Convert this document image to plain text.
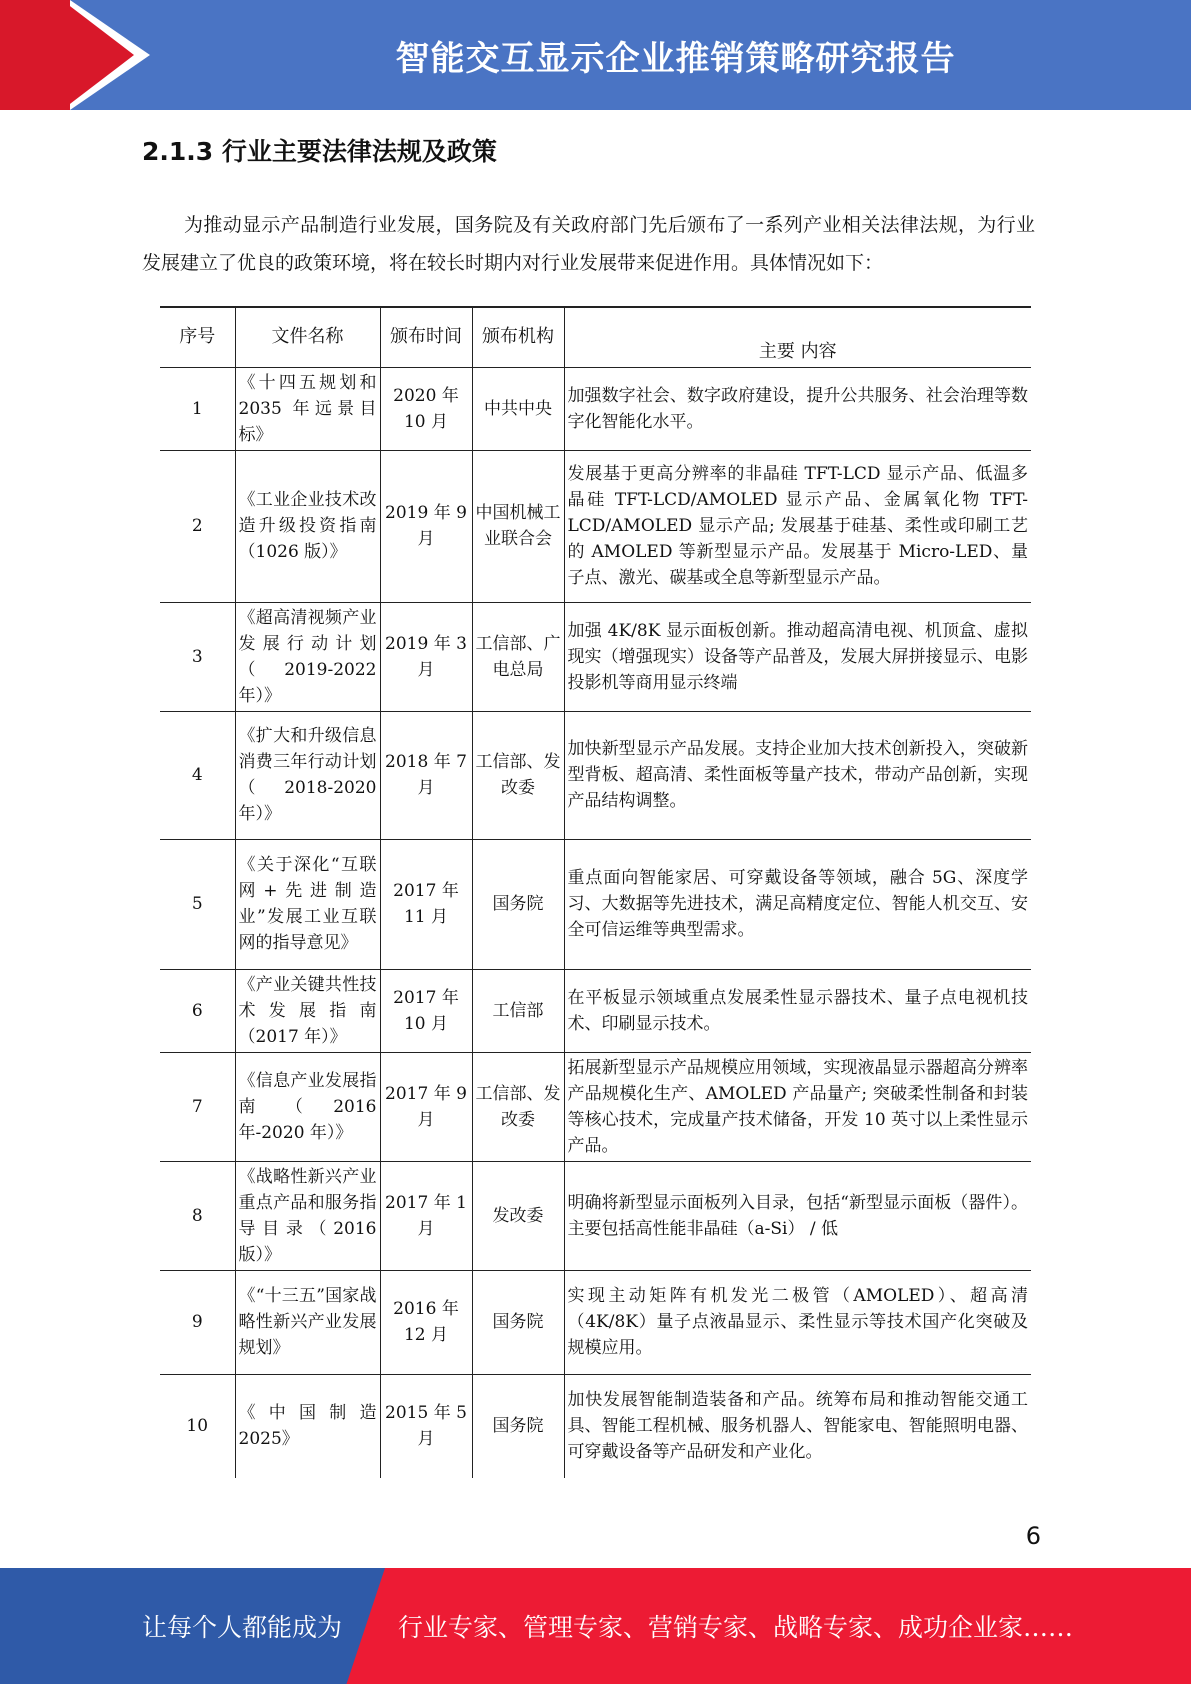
智能交互显示企业推销策略研究报告
2.1.3 行业主要法律法规及政策
为推动显示产品制造行业发展，国务院及有关政府部门先后颁布了一系列产业相关法律法规，为行业发展建立了优良的政策环境，将在较长时期内对行业发展带来促进作用。具体情况如下：
序号	文件名称	颁布时间	颁布机构	主要 内容
1	《十四五规划和 2035 年远景目标》	2020 年 10 月	中共中央	加强数字社会、数字政府建设，提升公共服务、社会治理等数字化智能化水平。
2	《工业企业技术改造升级投资指南（1026 版）》	2019 年 9 月	中国机械工业联合会	发展基于更高分辨率的非晶硅 TFT-LCD 显示产品、低温多晶硅 TFT-LCD/AMOLED 显示产品、金属氧化物 TFT-LCD/AMOLED 显示产品; 发展基于硅基、柔性或印刷工艺的 AMOLED 等新型显示产品。发展基于 Micro-LED、量子点、激光、碳基或全息等新型显示产品。
3	《超高清视频产业发展行动计划（2019-2022 年）》	2019 年 3 月	工信部、广电总局	加强 4K/8K 显示面板创新。推动超高清电视、机顶盒、虚拟现实（增强现实）设备等产品普及，发展大屏拼接显示、电影投影机等商用显示终端
4	《扩大和升级信息消费三年行动计划（2018-2020 年）》	2018 年 7 月	工信部、发改委	加快新型显示产品发展。支持企业加大技术创新投入，突破新型背板、超高清、柔性面板等量产技术，带动产品创新，实现产品结构调整。
5	《关于深化“互联网+先进制造业”发展工业互联网的指导意见》	2017 年 11 月	国务院	重点面向智能家居、可穿戴设备等领域，融合 5G、深度学习、大数据等先进技术，满足高精度定位、智能人机交互、安全可信运维等典型需求。
6	《产业关键共性技术发展指南（2017 年）》	2017 年 10 月	工信部	在平板显示领域重点发展柔性显示器技术、量子点电视机技术、印刷显示技术。
7	《信息产业发展指南（2016 年-2020 年）》	2017 年 9 月	工信部、发改委	拓展新型显示产品规模应用领域，实现液晶显示器超高分辨率产品规模化生产、AMOLED 产品量产; 突破柔性制备和封装等核心技术，完成量产技术储备，开发 10 英寸以上柔性显示产品。
8	《战略性新兴产业重点产品和服务指导目录（2016 版）》	2017 年 1 月	发改委	明确将新型显示面板列入目录，包括“新型显示面板（器件）。主要包括高性能非晶硅（a-Si） / 低
9	《“十三五”国家战略性新兴产业发展规划》	2016 年 12 月	国务院	实现主动矩阵有机发光二极管（AMOLED）、超高清（4K/8K）量子点液晶显示、柔性显示等技术国产化突破及规模应用。
10	《中国制造 2025》	2015 年 5 月	国务院	加快发展智能制造装备和产品。统筹布局和推动智能交通工具、智能工程机械、服务机器人、智能家电、智能照明电器、可穿戴设备等产品研发和产业化。
6
让每个人都能成为 行业专家、管理专家、营销专家、战略专家、成功企业家……
